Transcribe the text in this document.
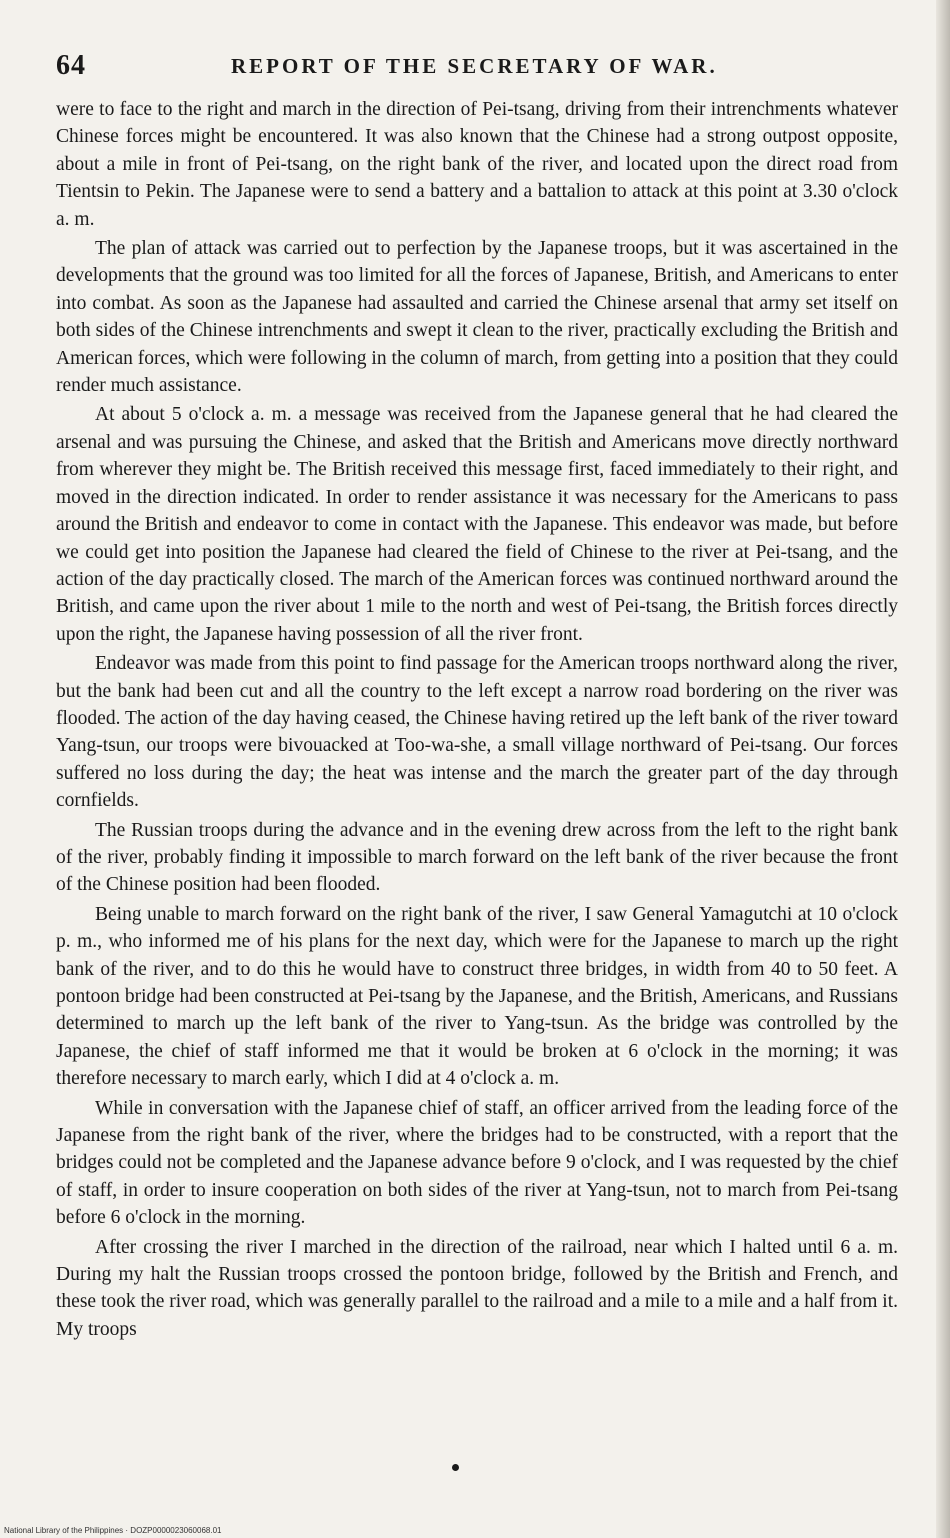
64	REPORT OF THE SECRETARY OF WAR.

were to face to the right and march in the direction of Pei-tsang, driving from their intrenchments whatever Chinese forces might be encountered. It was also known that the Chinese had a strong outpost opposite, about a mile in front of Pei-tsang, on the right bank of the river, and located upon the direct road from Tientsin to Pekin. The Japanese were to send a battery and a battalion to attack at this point at 3.30 o'clock a. m.

The plan of attack was carried out to perfection by the Japanese troops, but it was ascertained in the developments that the ground was too limited for all the forces of Japanese, British, and Americans to enter into combat. As soon as the Japanese had assaulted and carried the Chinese arsenal that army set itself on both sides of the Chinese intrenchments and swept it clean to the river, practically excluding the British and American forces, which were following in the column of march, from getting into a position that they could render much assistance.

At about 5 o'clock a. m. a message was received from the Japanese general that he had cleared the arsenal and was pursuing the Chinese, and asked that the British and Americans move directly northward from wherever they might be. The British received this message first, faced immediately to their right, and moved in the direction indicated. In order to render assistance it was necessary for the Americans to pass around the British and endeavor to come in contact with the Japanese. This endeavor was made, but before we could get into position the Japanese had cleared the field of Chinese to the river at Pei-tsang, and the action of the day practically closed. The march of the American forces was continued northward around the British, and came upon the river about 1 mile to the north and west of Pei-tsang, the British forces directly upon the right, the Japanese having possession of all the river front.

Endeavor was made from this point to find passage for the American troops northward along the river, but the bank had been cut and all the country to the left except a narrow road bordering on the river was flooded. The action of the day having ceased, the Chinese having retired up the left bank of the river toward Yang-tsun, our troops were bivouacked at Too-wa-she, a small village northward of Pei-tsang. Our forces suffered no loss during the day; the heat was intense and the march the greater part of the day through cornfields.

The Russian troops during the advance and in the evening drew across from the left to the right bank of the river, probably finding it impossible to march forward on the left bank of the river because the front of the Chinese position had been flooded.

Being unable to march forward on the right bank of the river, I saw General Yamagutchi at 10 o'clock p. m., who informed me of his plans for the next day, which were for the Japanese to march up the right bank of the river, and to do this he would have to construct three bridges, in width from 40 to 50 feet. A pontoon bridge had been constructed at Pei-tsang by the Japanese, and the British, Americans, and Russians determined to march up the left bank of the river to Yang-tsun. As the bridge was controlled by the Japanese, the chief of staff informed me that it would be broken at 6 o'clock in the morning; it was therefore necessary to march early, which I did at 4 o'clock a. m.

While in conversation with the Japanese chief of staff, an officer arrived from the leading force of the Japanese from the right bank of the river, where the bridges had to be constructed, with a report that the bridges could not be completed and the Japanese advance before 9 o'clock, and I was requested by the chief of staff, in order to insure cooperation on both sides of the river at Yang-tsun, not to march from Pei-tsang before 6 o'clock in the morning.

After crossing the river I marched in the direction of the railroad, near which I halted until 6 a. m. During my halt the Russian troops crossed the pontoon bridge, followed by the British and French, and these took the river road, which was generally parallel to the railroad and a mile to a mile and a half from it. My troops

National Library of the Philippines · DOZP0000023060068.01
